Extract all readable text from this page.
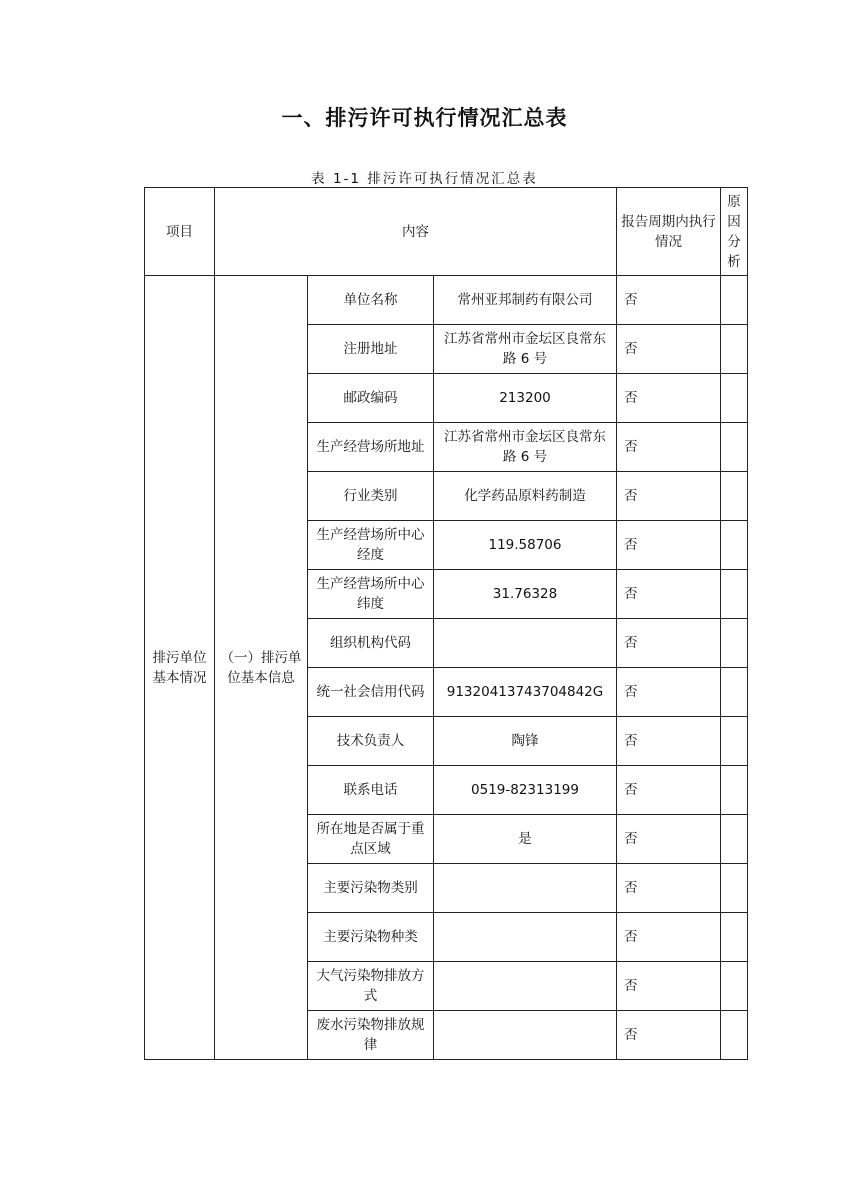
一、排污许可执行情况汇总表
表 1-1 排污许可执行情况汇总表
项目	内容			报告周期内执行情况	原因分析
排污单位基本情况	（一）排污单位基本信息	单位名称	常州亚邦制药有限公司	否	
		注册地址	江苏省常州市金坛区良常东路 6 号	否	
		邮政编码	213200	否	
		生产经营场所地址	江苏省常州市金坛区良常东路 6 号	否	
		行业类别	化学药品原料药制造	否	
		生产经营场所中心经度	119.58706	否	
		生产经营场所中心纬度	31.76328	否	
		组织机构代码		否	
		统一社会信用代码	91320413743704842G	否	
		技术负责人	陶锋	否	
		联系电话	0519-82313199	否	
		所在地是否属于重点区域	是	否	
		主要污染物类别		否	
		主要污染物种类		否	
		大气污染物排放方式		否	
		废水污染物排放规律		否	
